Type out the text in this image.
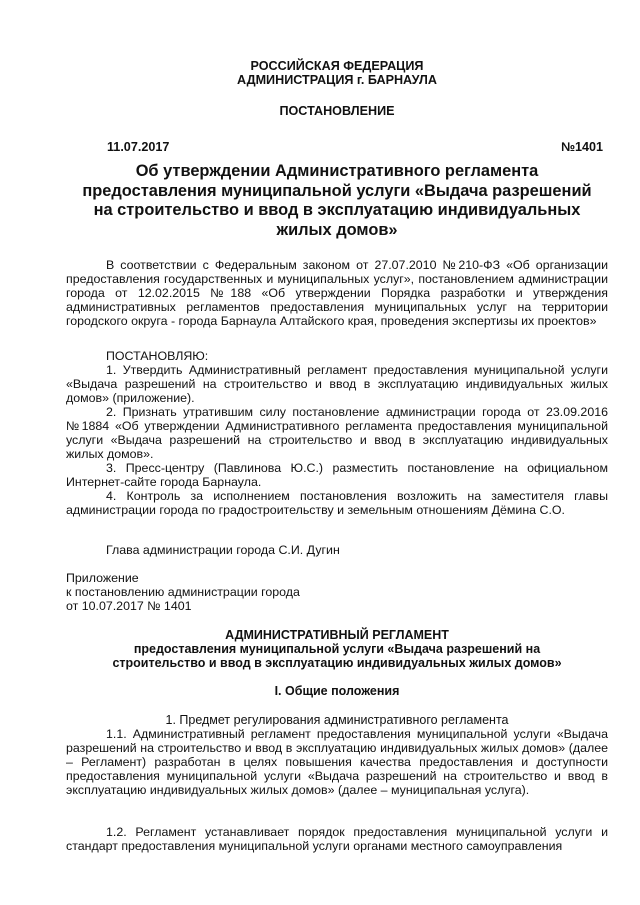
РОССИЙСКАЯ ФЕДЕРАЦИЯ
АДМИНИСТРАЦИЯ г. БАРНАУЛА
ПОСТАНОВЛЕНИЕ
11.07.2017	№1401
Об утверждении Административного регламента
предоставления муниципальной услуги «Выдача разрешений
на строительство и ввод в эксплуатацию индивидуальных
жилых домов»
В соответствии с Федеральным законом от 27.07.2010 №210-ФЗ «Об организации предоставления государственных и муниципальных услуг», постановлением администрации города от 12.02.2015 №188 «Об утверждении Порядка разработки и утверждения административных регламентов предоставления муниципальных услуг на территории городского округа - города Барнаула Алтайского края, проведения экспертизы их проектов»
ПОСТАНОВЛЯЮ:
1. Утвердить Административный регламент предоставления муниципальной услуги «Выдача разрешений на строительство и ввод в эксплуатацию индивидуальных жилых домов» (приложение).
2. Признать утратившим силу постановление администрации города от 23.09.2016 №1884 «Об утверждении Административного регламента предоставления муниципальной услуги «Выдача разрешений на строительство и ввод в эксплуатацию индивидуальных жилых домов».
3. Пресс-центру (Павлинова Ю.С.) разместить постановление на официальном Интернет-сайте города Барнаула.
4. Контроль за исполнением постановления возложить на заместителя главы администрации города по градостроительству и земельным отношениям Дёмина С.О.
Глава администрации города С.И. Дугин
Приложение
к постановлению администрации города
от 10.07.2017 № 1401
АДМИНИСТРАТИВНЫЙ РЕГЛАМЕНТ
предоставления муниципальной услуги «Выдача разрешений на
строительство и ввод в эксплуатацию индивидуальных жилых домов»
I. Общие положения
1. Предмет регулирования административного регламента
1.1. Административный регламент предоставления муниципальной услуги «Выдача разрешений на строительство и ввод в эксплуатацию индивидуальных жилых домов» (далее – Регламент) разработан в целях повышения качества предоставления и доступности предоставления муниципальной услуги «Выдача разрешений на строительство и ввод в эксплуатацию индивидуальных жилых домов» (далее – муниципальная услуга).
1.2. Регламент устанавливает порядок предоставления муниципальной услуги и стандарт предоставления муниципальной услуги органами местного самоуправления
